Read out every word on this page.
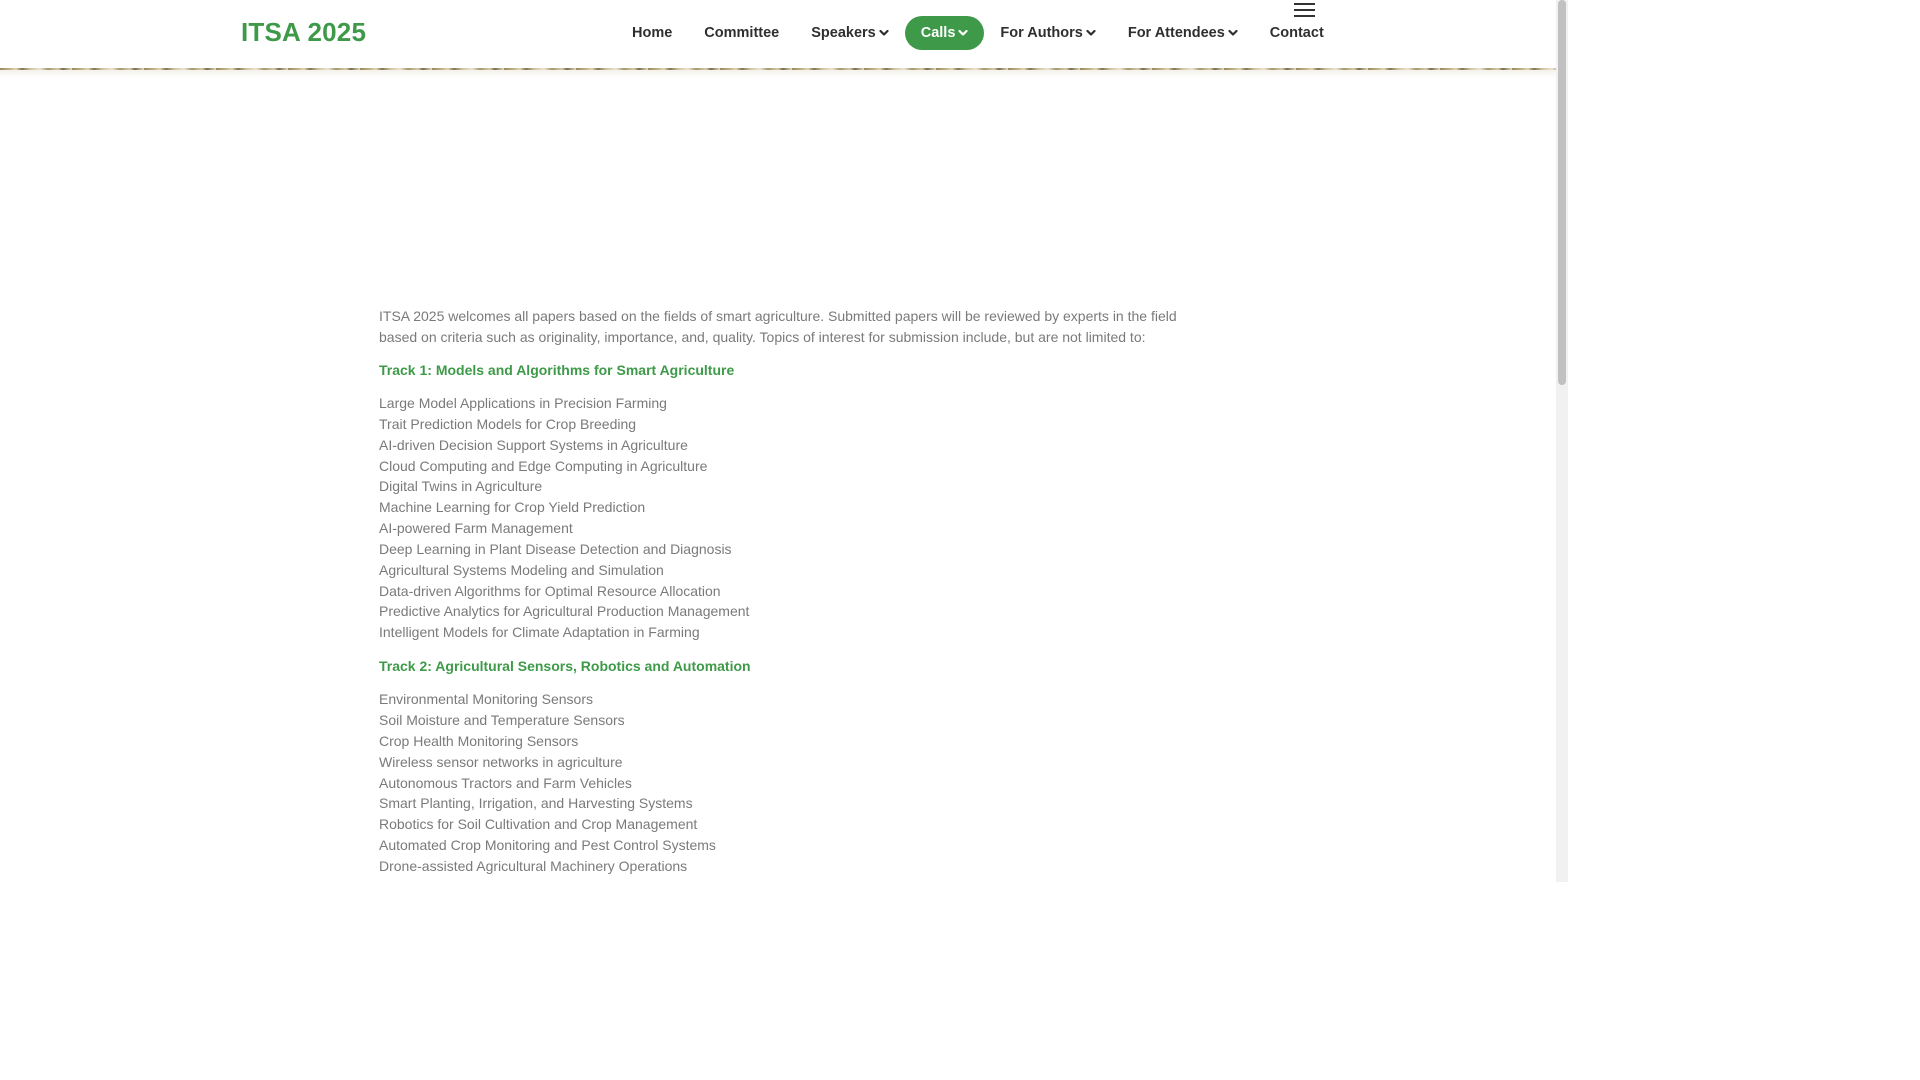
ITSA 2025	Home Committee Speakers	Calls	For Authors	For Attendees	Contact

ITSA 2025 welcomes all papers based on the fields of smart agriculture. Submitted papers will be reviewed by experts in the field based on criteria such as originality, importance, and, quality. Topics of interest for submission include, but are not limited to:

Track 1: Models and Algorithms for Smart Agriculture
Large Model Applications in Precision Farming
Trait Prediction Models for Crop Breeding
AI-driven Decision Support Systems in Agriculture
Cloud Computing and Edge Computing in Agriculture
Digital Twins in Agriculture
Machine Learning for Crop Yield Prediction
AI-powered Farm Management
Deep Learning in Plant Disease Detection and Diagnosis
Agricultural Systems Modeling and Simulation
Data-driven Algorithms for Optimal Resource Allocation
Predictive Analytics for Agricultural Production Management
Intelligent Models for Climate Adaptation in Farming
Track 2: Agricultural Sensors, Robotics and Automation
Environmental Monitoring Sensors
Soil Moisture and Temperature Sensors
Crop Health Monitoring Sensors
Wireless sensor networks in agriculture
Autonomous Tractors and Farm Vehicles
Smart Planting, Irrigation, and Harvesting Systems
Robotics for Soil Cultivation and Crop Management
Automated Crop Monitoring and Pest Control Systems
Drone-assisted Agricultural Machinery Operations
